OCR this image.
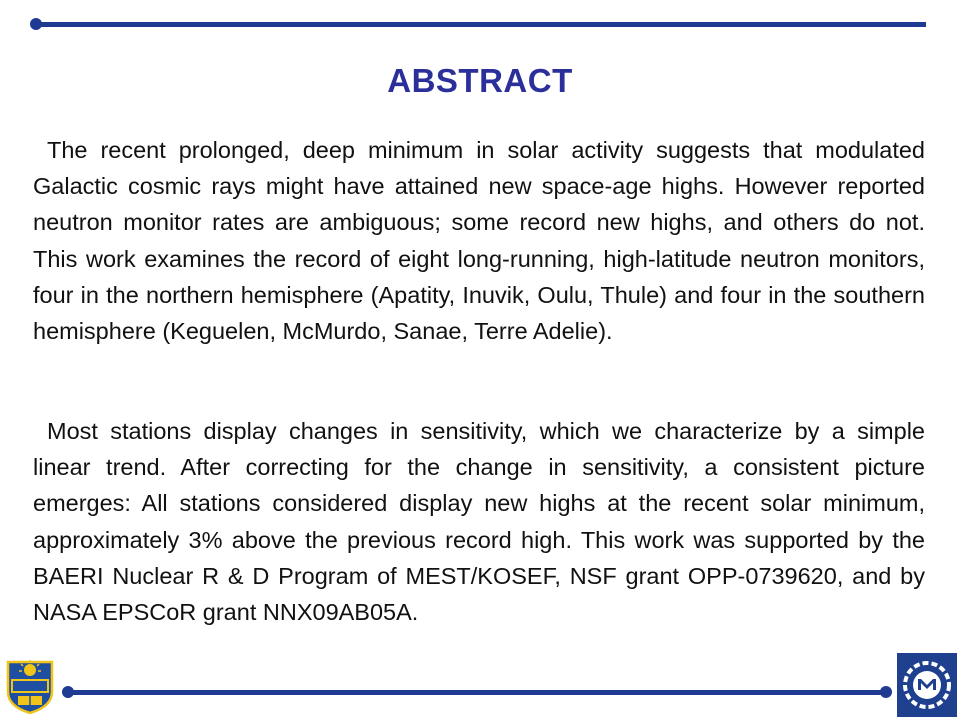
ABSTRACT

The recent prolonged, deep minimum in solar activity suggests that modulated Galactic cosmic rays might have attained new space-age highs. However reported neutron monitor rates are ambiguous; some record new highs, and others do not. This work examines the record of eight long-running, high-latitude neutron monitors, four in the northern hemisphere (Apatity, Inuvik, Oulu, Thule) and four in the southern hemisphere (Keguelen, McMurdo, Sanae, Terre Adelie).

Most stations display changes in sensitivity, which we characterize by a simple linear trend. After correcting for the change in sensitivity, a consistent picture emerges: All stations considered display new highs at the recent solar minimum, approximately 3% above the previous record high. This work was supported by the BAERI Nuclear R & D Program of MEST/KOSEF, NSF grant OPP-0739620, and by NASA EPSCoR grant NNX09AB05A.
